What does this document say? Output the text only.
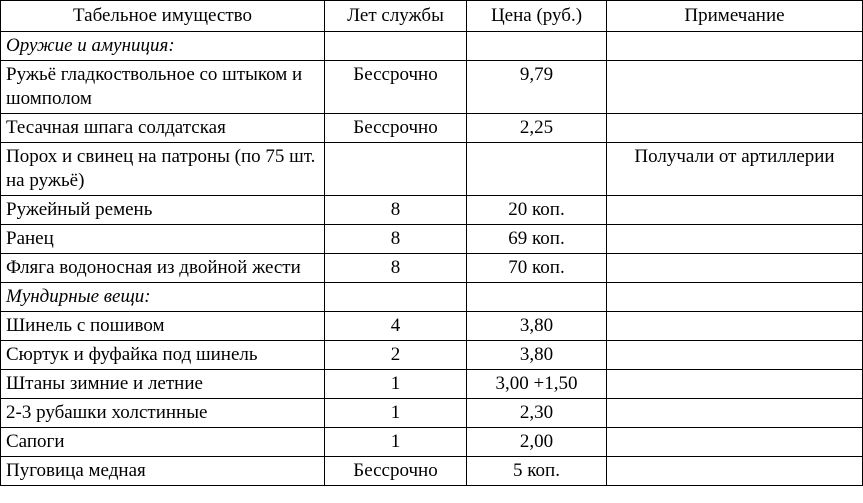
Табельное имущество	Лет службы	Цена (руб.)	Примечание
Оружие и амуниция:			
Ружьё гладкоствольное со штыком и шомполом	Бессрочно	9,79	
Тесачная шпага солдатская	Бессрочно	2,25	
Порох и свинец на патроны (по 75 шт. на ружьё)			Получали от артиллерии
Ружейный ремень	8	20 коп.	
Ранец	8	69 коп.	
Фляга водоносная из двойной жести	8	70 коп.	
Мундирные вещи:			
Шинель с пошивом	4	3,80	
Сюртук и фуфайка под шинель	2	3,80	
Штаны зимние и летние	1	3,00 +1,50	
2-3 рубашки холстинные	1	2,30	
Сапоги	1	2,00	
Пуговица медная	Бессрочно	5 коп.	
